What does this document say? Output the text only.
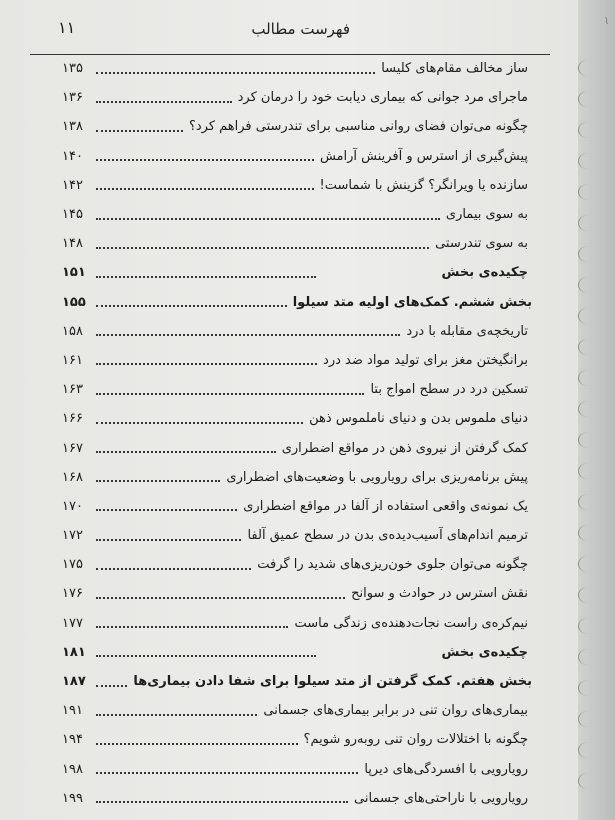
فهرست مطالب
۱۱
ساز مخالف مقام‌های کلیسا
۱۳۵
ماجرای مرد جوانی که بیماری دیابت خود را درمان کرد
۱۳۶
چگونه می‌توان فضای روانی مناسبی برای تندرستی فراهم کرد؟
۱۳۸
پیش‌گیری از استرس و آفرینش آرامش
۱۴۰
سازنده یا ویرانگر؟ گزینش با شماست!
۱۴۲
به سوی بیماری
۱۴۵
به سوی تندرستی
۱۴۸
چکیده‌ی بخش
۱۵۱
بخش ششم. کمک‌های اولیه متد سیلوا
۱۵۵
تاریخچه‌ی مقابله با درد
۱۵۸
برانگیختن مغز برای تولید مواد ضد درد
۱۶۱
تسکین درد در سطح امواج بتا
۱۶۳
دنیای ملموس بدن و دنیای ناملموس ذهن
۱۶۶
کمک گرفتن از نیروی ذهن در مواقع اضطراری
۱۶۷
پیش برنامه‌ریزی برای رویارویی با وضعیت‌های اضطراری
۱۶۸
یک نمونه‌ی واقعی استفاده از آلفا در مواقع اضطراری
۱۷۰
ترمیم اندام‌های آسیب‌دیده‌ی بدن در سطح عمیق آلفا
۱۷۲
چگونه می‌توان جلوی خون‌ریزی‌های شدید را گرفت
۱۷۵
نقش استرس در حوادث و سوانح
۱۷۶
نیم‌کره‌ی راست نجات‌دهنده‌ی زندگی ماست
۱۷۷
چکیده‌ی بخش
۱۸۱
بخش هفتم. کمک گرفتن از متد سیلوا برای شفا دادن بیماری‌ها
۱۸۷
بیماری‌های روان تنی در برابر بیماری‌های جسمانی
۱۹۱
چگونه با اختلالات روان تنی روبه‌رو شویم؟
۱۹۴
رویارویی با افسردگی‌های دیرپا
۱۹۸
رویارویی با ناراحتی‌های جسمانی
۱۹۹
~
